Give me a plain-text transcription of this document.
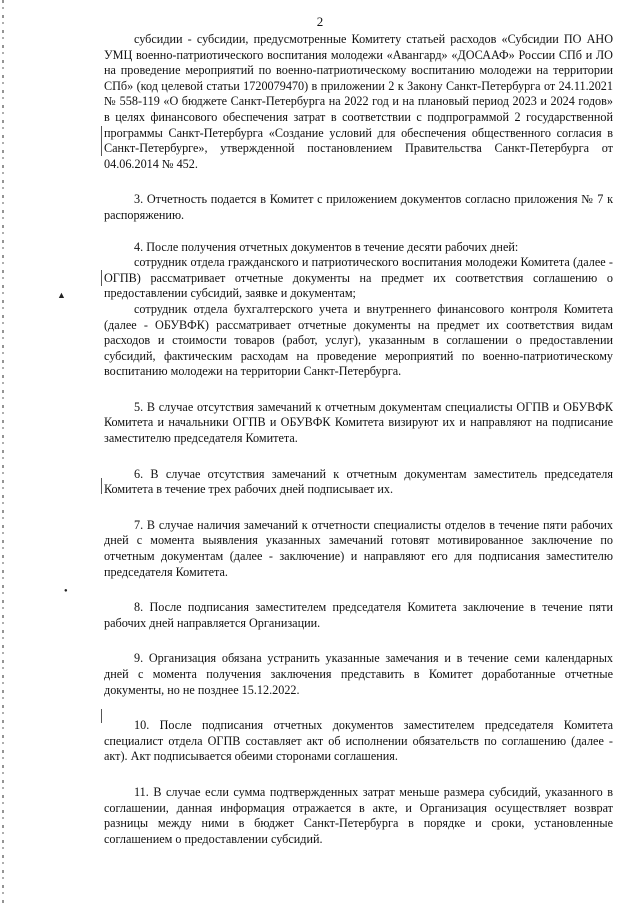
2
▲
●

субсидии - субсидии, предусмотренные Комитету статьей расходов «Субсидии ПО АНО УМЦ военно-патриотического воспитания молодежи «Авангард» «ДОСААФ» России СПб и ЛО на проведение мероприятий по военно-патриотическому воспитанию молодежи на территории СПб» (код целевой статьи 1720079470) в приложении 2 к Закону Санкт-Петербурга от 24.11.2021 № 558-119 «О бюджете Санкт-Петербурга на 2022 год и на плановый период 2023 и 2024 годов» в целях финансового обеспечения затрат в соответствии с подпрограммой 2 государственной программы Санкт-Петербурга «Создание условий для обеспечения общественного согласия в Санкт-Петербурге», утвержденной постановлением Правительства Санкт-Петербурга от 04.06.2014 № 452.

3. Отчетность подается в Комитет с приложением документов согласно приложения № 7 к распоряжению.

4. После получения отчетных документов в течение десяти рабочих дней:

сотрудник отдела гражданского и патриотического воспитания молодежи Комитета (далее - ОГПВ) рассматривает отчетные документы на предмет их соответствия соглашению о предоставлении субсидий, заявке и документам;

сотрудник отдела бухгалтерского учета и внутреннего финансового контроля Комитета (далее - ОБУВФК) рассматривает отчетные документы на предмет их соответствия видам расходов и стоимости товаров (работ, услуг), указанным в соглашении о предоставлении субсидий, фактическим расходам на проведение мероприятий по военно-патриотическому воспитанию молодежи на территории Санкт-Петербурга.

5. В случае отсутствия замечаний к отчетным документам специалисты ОГПВ и ОБУВФК Комитета и начальники ОГПВ и ОБУВФК Комитета визируют их и направляют на подписание заместителю председателя Комитета.

6. В случае отсутствия замечаний к отчетным документам заместитель председателя Комитета в течение трех рабочих дней подписывает их.

7. В случае наличия замечаний к отчетности специалисты отделов в течение пяти рабочих дней с момента выявления указанных замечаний готовят мотивированное заключение по отчетным документам (далее - заключение) и направляют его для подписания заместителю председателя Комитета.

8. После подписания заместителем председателя Комитета заключение в течение пяти рабочих дней направляется Организации.

9. Организация обязана устранить указанные замечания и в течение семи календарных дней с момента получения заключения представить в Комитет доработанные отчетные документы, но не позднее 15.12.2022.

10. После подписания отчетных документов заместителем председателя Комитета специалист отдела ОГПВ составляет акт об исполнении обязательств по соглашению (далее - акт). Акт подписывается обеими сторонами соглашения.

11. В случае если сумма подтвержденных затрат меньше размера субсидий, указанного в соглашении, данная информация отражается в акте, и Организация осуществляет возврат разницы между ними в бюджет Санкт-Петербурга в порядке и сроки, установленные соглашением о предоставлении субсидий.
